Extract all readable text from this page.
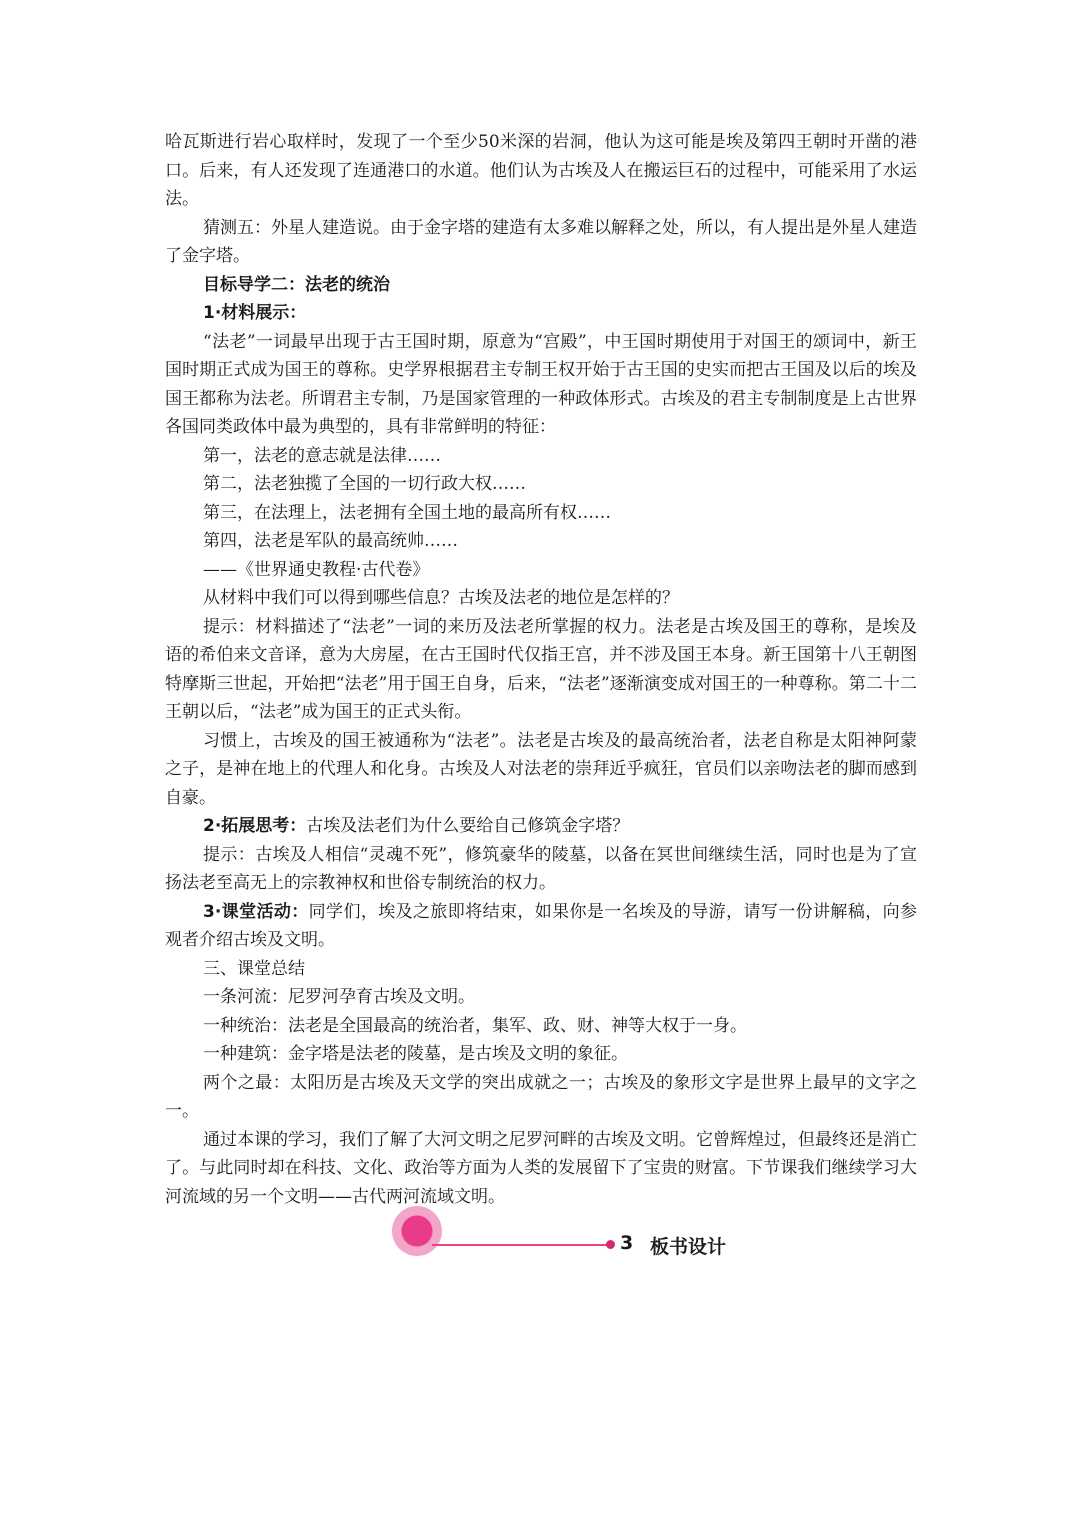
哈瓦斯进行岩心取样时，发现了一个至少50米深的岩洞，他认为这可能是埃及第四王朝时开凿的港口。后来，有人还发现了连通港口的水道。他们认为古埃及人在搬运巨石的过程中，可能采用了水运法。

猜测五：外星人建造说。由于金字塔的建造有太多难以解释之处，所以，有人提出是外星人建造了金字塔。

目标导学二：法老的统治

1·材料展示：

“法老”一词最早出现于古王国时期，原意为“宫殿”，中王国时期使用于对国王的颂词中，新王国时期正式成为国王的尊称。史学界根据君主专制王权开始于古王国的史实而把古王国及以后的埃及国王都称为法老。所谓君主专制，乃是国家管理的一种政体形式。古埃及的君主专制制度是上古世界各国同类政体中最为典型的，具有非常鲜明的特征：

第一，法老的意志就是法律……

第二，法老独揽了全国的一切行政大权……

第三，在法理上，法老拥有全国土地的最高所有权……

第四，法老是军队的最高统帅……

——《世界通史教程·古代卷》

从材料中我们可以得到哪些信息？古埃及法老的地位是怎样的？

提示：材料描述了“法老”一词的来历及法老所掌握的权力。法老是古埃及国王的尊称，是埃及语的希伯来文音译，意为大房屋，在古王国时代仅指王宫，并不涉及国王本身。新王国第十八王朝图特摩斯三世起，开始把“法老”用于国王自身，后来，“法老”逐渐演变成对国王的一种尊称。第二十二王朝以后，“法老”成为国王的正式头衔。

习惯上，古埃及的国王被通称为“法老”。法老是古埃及的最高统治者，法老自称是太阳神阿蒙之子，是神在地上的代理人和化身。古埃及人对法老的崇拜近乎疯狂，官员们以亲吻法老的脚而感到自豪。

2·拓展思考：古埃及法老们为什么要给自己修筑金字塔？

提示：古埃及人相信“灵魂不死”，修筑豪华的陵墓，以备在冥世间继续生活，同时也是为了宣扬法老至高无上的宗教神权和世俗专制统治的权力。

3·课堂活动：同学们，埃及之旅即将结束，如果你是一名埃及的导游，请写一份讲解稿，向参观者介绍古埃及文明。

三、课堂总结

一条河流：尼罗河孕育古埃及文明。

一种统治：法老是全国最高的统治者，集军、政、财、神等大权于一身。

一种建筑：金字塔是法老的陵墓，是古埃及文明的象征。

两个之最：太阳历是古埃及天文学的突出成就之一；古埃及的象形文字是世界上最早的文字之一。

通过本课的学习，我们了解了大河文明之尼罗河畔的古埃及文明。它曾辉煌过，但最终还是消亡了。与此同时却在科技、文化、政治等方面为人类的发展留下了宝贵的财富。下节课我们继续学习大河流域的另一个文明——古代两河流域文明。

3 板书设计
